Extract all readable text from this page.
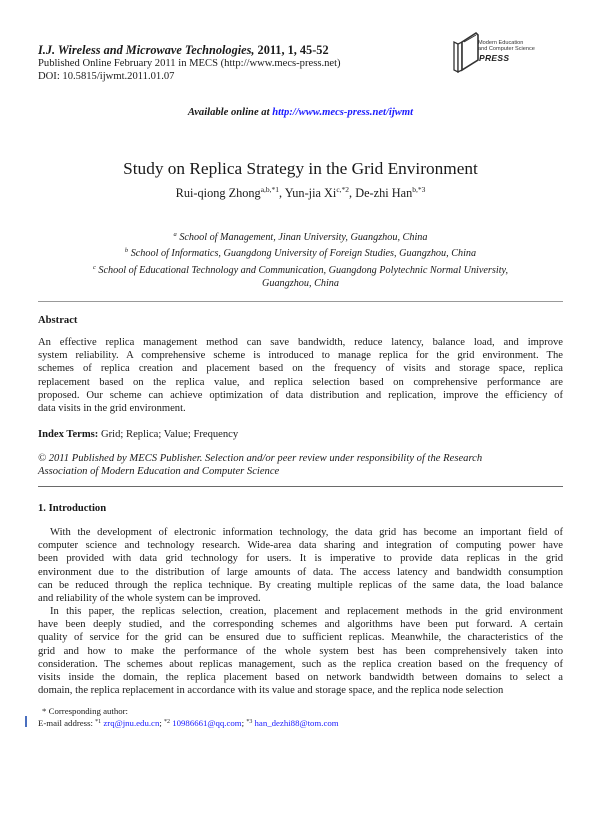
I.J. Wireless and Microwave Technologies, 2011, 1, 45-52
Published Online February 2011 in MECS (http://www.mecs-press.net)
DOI: 10.5815/ijwmt.2011.01.07
Modern Education
and Computer Science
PRESS
Available online at http://www.mecs-press.net/ijwmt
Study on Replica Strategy in the Grid Environment
Rui-qiong Zhong$^{a,b,*1}$, Yun-jia $Xi^{c,*2}$, De-zhi Han$^{b,*3}$
$^a$ School of Management, Jinan University, Guangzhou, China
$^b$ School of Informatics, Guangdong University of Foreign Studies, Guangzhou, China
$^c$ School of Educational Technology and Communication, Guangdong Polytechnic Normal University,
Guangzhou, China
Abstract
An effective replica management method can save bandwidth, reduce latency, balance load, and improve
system reliability. A comprehensive scheme is introduced to manage replica for the grid environment. The
schemes of replica creation and placement based on the frequency of visits and storage space, replica
replacement based on the replica value, and replica selection based on comprehensive performance are
proposed. Our scheme can achieve optimization of data distribution and replication, improve the efficiency of
data visits in the grid environment.
Index Terms: Grid; Replica; Value; Frequency
© 2011 Published by MECS Publisher. Selection and/or peer review under responsibility of the Research
Association of Modern Education and Computer Science
1. Introduction
With the development of electronic information technology, the data grid has become an important field of
computer science and technology research. Wide-area data sharing and integration of computing power have
been provided with data grid technology for users. It is imperative to provide data replicas in the grid
environment due to the distribution of large amounts of data. The access latency and bandwidth consumption
can be reduced through the replica technique. By creating multiple replicas of the same data, the load balance
and reliability of the whole system can be improved.
In this paper, the replicas selection, creation, placement and replacement methods in the grid environment
have been deeply studied, and the corresponding schemes and algorithms have been put forward. A certain
quality of service for the grid can be ensured due to sufficient replicas. Meanwhile, the characteristics of the
grid and how to make the performance of the whole system best has been comprehensively taken into
consideration. The schemes about replicas management, such as the replica creation based on the frequency of
visits inside the domain, the replica placement based on network bandwidth between domains to select a
domain, the replica replacement in accordance with its value and storage space, and the replica node selection
* Corresponding author:
E-mail address: $^{*1}$ zrq@jnu.edu.cn; $^{*2}$ 10986661@qq.com; $^{*3}$ han_dezhi88@tom.com
